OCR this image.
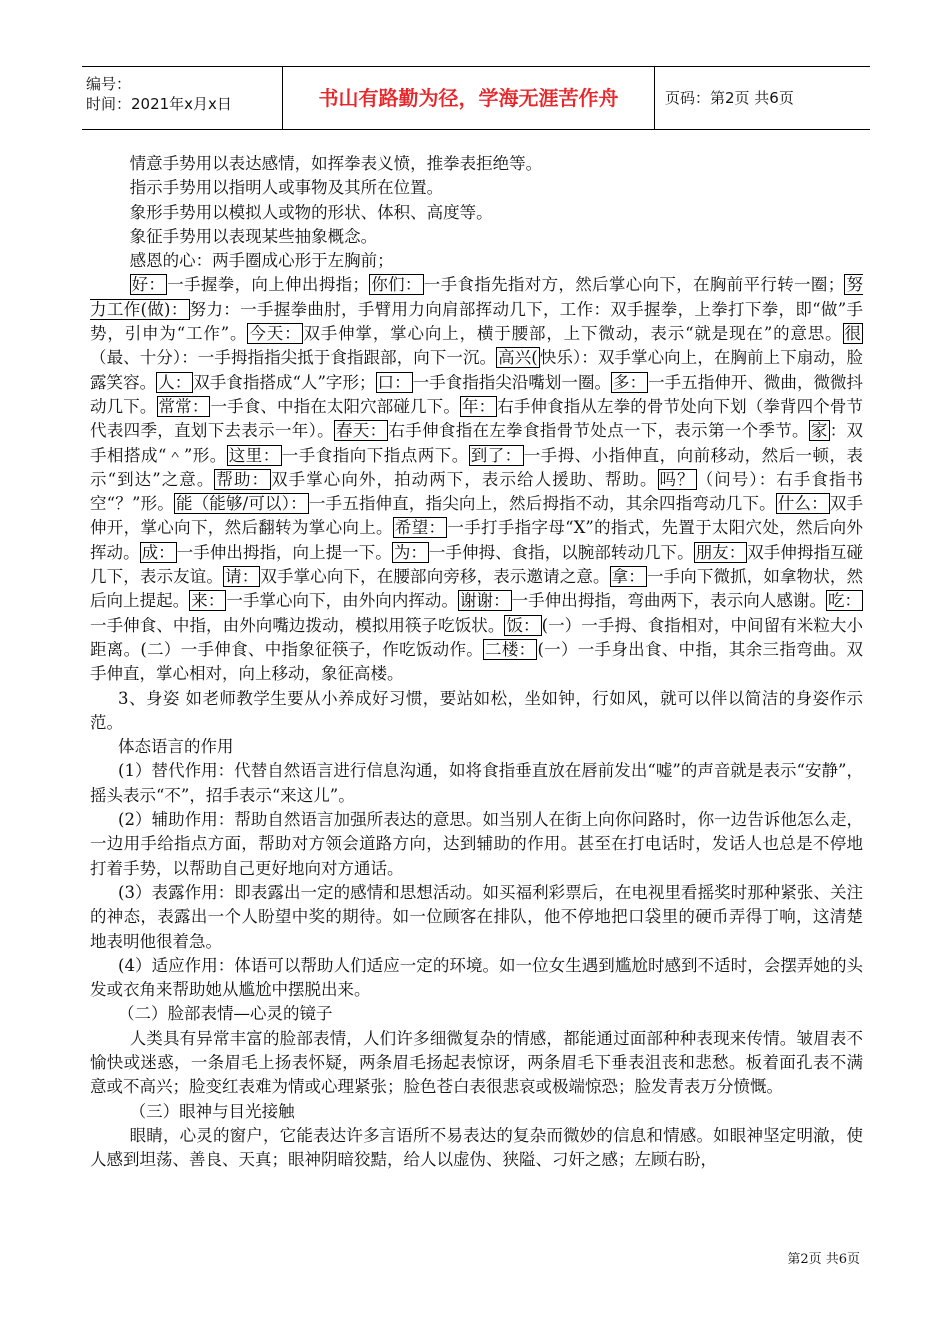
编号：
时间：2021年x月x日	书山有路勤为径，学海无涯苦作舟	页码：第2页 共6页

情意手势用以表达感情，如挥拳表义愤，推拳表拒绝等。

指示手势用以指明人或事物及其所在位置。

象形手势用以模拟人或物的形状、体积、高度等。

象征手势用以表现某些抽象概念。

感恩的心：两手圈成心形于左胸前；

好： 一手握拳，向上伸出拇指； 你们： 一手食指先指对方，然后掌心向下，在胸前平行转一圈； 努力工作(做)： 努力：一手握拳曲肘，手臂用力向肩部挥动几下，工作：双手握拳，上拳打下拳，即“做”手势，引申为“工作”。 今天： 双手伸掌，掌心向上，横于腰部，上下微动，表示“就是现在”的意思。 很（最、十分）：一手拇指指尖抵于食指跟部，向下一沉。 高兴( 快乐）：双手掌心向上，在胸前上下扇动，脸露笑容。 人： 双手食指搭成“人”字形； 口： 一手食指指尖沿嘴划一圈。 多： 一手五指伸开、微曲，微微抖动几下。 常常： 一手食、中指在太阳穴部碰几下。 年： 右手伸食指从左拳的骨节处向下划（拳背四个骨节代表四季，直划下去表示一年）。 春天： 右手伸食指在左拳食指骨节处点一下，表示第一个季节。 家 ：双手相搭成“＾”形。 这里： 一手食指向下指点两下。 到了： 一手拇、小指伸直，向前移动，然后一顿，表示“到达”之意。 帮助： 双手掌心向外，拍动两下，表示给人援助、帮助。 吗？ （问号）：右手食指书空“？”形。 能（能够/可以）： 一手五指伸直，指尖向上，然后拇指不动，其余四指弯动几下。 什么： 双手伸开，掌心向下，然后翻转为掌心向上。 希望： 一手打手指字母“X”的指式，先置于太阳穴处，然后向外挥动。 成： 一手伸出拇指，向上提一下。 为： 一手伸拇、食指，以腕部转动几下。 朋友： 双手伸拇指互碰几下，表示友谊。 请： 双手掌心向下，在腰部向旁移，表示邀请之意。 拿： 一手向下微抓，如拿物状，然后向上提起。 来： 一手掌心向下，由外向内挥动。 谢谢： 一手伸出拇指，弯曲两下，表示向人感谢。 吃：一手伸食、中指，由外向嘴边拨动，模拟用筷子吃饭状。 饭： (一）一手拇、食指相对，中间留有米粒大小距离。(二）一手伸食、中指象征筷子，作吃饭动作。 二楼： (一）一手身出食、中指，其余三指弯曲。双手伸直，掌心相对，向上移动，象征高楼。

3、身姿 如老师教学生要从小养成好习惯，要站如松，坐如钟，行如风，就可以伴以简洁的身姿作示范。

体态语言的作用

(1）替代作用：代替自然语言进行信息沟通，如将食指垂直放在唇前发出“嘘”的声音就是表示“安静”，摇头表示“不”，招手表示“来这儿”。

(2）辅助作用：帮助自然语言加强所表达的意思。如当别人在街上向你问路时，你一边告诉他怎么走，一边用手给指点方面，帮助对方领会道路方向，达到辅助的作用。甚至在打电话时，发话人也总是不停地打着手势，以帮助自己更好地向对方通话。

(3）表露作用：即表露出一定的感情和思想活动。如买福利彩票后，在电视里看摇奖时那种紧张、关注的神态，表露出一个人盼望中奖的期待。如一位顾客在排队，他不停地把口袋里的硬币弄得丁响，这清楚地表明他很着急。

(4）适应作用：体语可以帮助人们适应一定的环境。如一位女生遇到尴尬时感到不适时，会摆弄她的头发或衣角来帮助她从尴尬中摆脱出来。

（二）脸部表情—心灵的镜子

人类具有异常丰富的脸部表情，人们许多细微复杂的情感，都能通过面部种种表现来传情。皱眉表不愉快或迷惑，一条眉毛上扬表怀疑，两条眉毛扬起表惊讶，两条眉毛下垂表沮丧和悲愁。板着面孔表不满意或不高兴；脸变红表难为情或心理紧张；脸色苍白表很悲哀或极端惊恐；脸发青表万分愤慨。

（三）眼神与目光接触

眼睛，心灵的窗户，它能表达许多言语所不易表达的复杂而微妙的信息和情感。如眼神坚定明澈，使人感到坦荡、善良、天真；眼神阴暗狡黠，给人以虚伪、狭隘、刁奸之感；左顾右盼，

第2页 共6页
